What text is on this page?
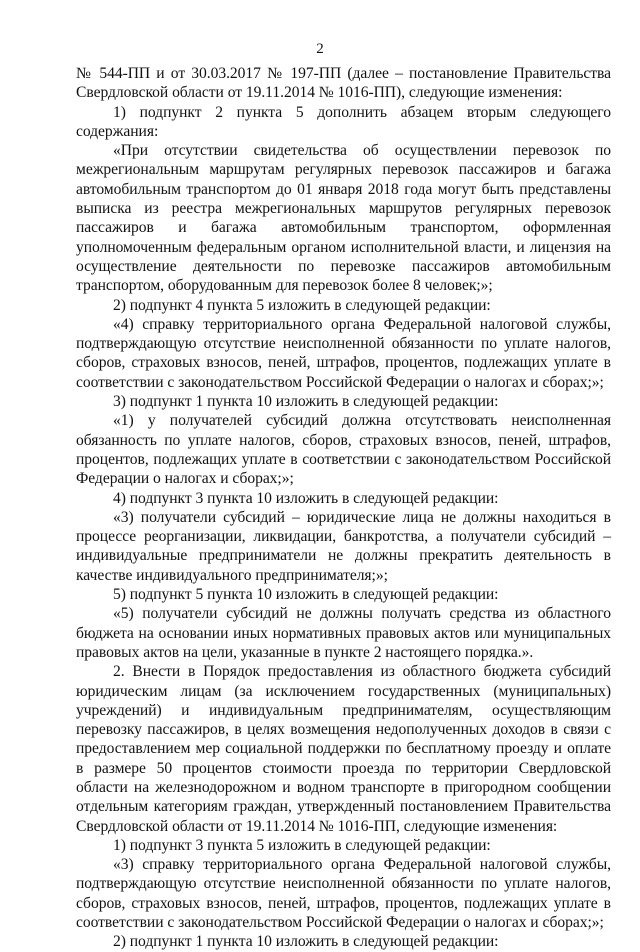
2

№ 544-ПП и от 30.03.2017 № 197-ПП (далее – постановление Правительства Свердловской области от 19.11.2014 № 1016-ПП), следующие изменения:

1) подпункт 2 пункта 5 дополнить абзацем вторым следующего содержания:

«При отсутствии свидетельства об осуществлении перевозок по межрегиональным маршрутам регулярных перевозок пассажиров и багажа автомобильным транспортом до 01 января 2018 года могут быть представлены выписка из реестра межрегиональных маршрутов регулярных перевозок пассажиров и багажа автомобильным транспортом, оформленная уполномоченным федеральным органом исполнительной власти, и лицензия на осуществление деятельности по перевозке пассажиров автомобильным транспортом, оборудованным для перевозок более 8 человек;»;

2) подпункт 4 пункта 5 изложить в следующей редакции:

«4) справку территориального органа Федеральной налоговой службы, подтверждающую отсутствие неисполненной обязанности по уплате налогов, сборов, страховых взносов, пеней, штрафов, процентов, подлежащих уплате в соответствии с законодательством Российской Федерации о налогах и сборах;»;

3) подпункт 1 пункта 10 изложить в следующей редакции:

«1) у получателей субсидий должна отсутствовать неисполненная обязанность по уплате налогов, сборов, страховых взносов, пеней, штрафов, процентов, подлежащих уплате в соответствии с законодательством Российской Федерации о налогах и сборах;»;

4) подпункт 3 пункта 10 изложить в следующей редакции:

«3) получатели субсидий – юридические лица не должны находиться в процессе реорганизации, ликвидации, банкротства, а получатели субсидий – индивидуальные предприниматели не должны прекратить деятельность в качестве индивидуального предпринимателя;»;

5) подпункт 5 пункта 10 изложить в следующей редакции:

«5) получатели субсидий не должны получать средства из областного бюджета на основании иных нормативных правовых актов или муниципальных правовых актов на цели, указанные в пункте 2 настоящего порядка.».

2. Внести в Порядок предоставления из областного бюджета субсидий юридическим лицам (за исключением государственных (муниципальных) учреждений) и индивидуальным предпринимателям, осуществляющим перевозку пассажиров, в целях возмещения недополученных доходов в связи с предоставлением мер социальной поддержки по бесплатному проезду и оплате в размере 50 процентов стоимости проезда по территории Свердловской области на железнодорожном и водном транспорте в пригородном сообщении отдельным категориям граждан, утвержденный постановлением Правительства Свердловской области от 19.11.2014 № 1016-ПП, следующие изменения:

1) подпункт 3 пункта 5 изложить в следующей редакции:

«3) справку территориального органа Федеральной налоговой службы, подтверждающую отсутствие неисполненной обязанности по уплате налогов, сборов, страховых взносов, пеней, штрафов, процентов, подлежащих уплате в соответствии с законодательством Российской Федерации о налогах и сборах;»;

2) подпункт 1 пункта 10 изложить в следующей редакции:
